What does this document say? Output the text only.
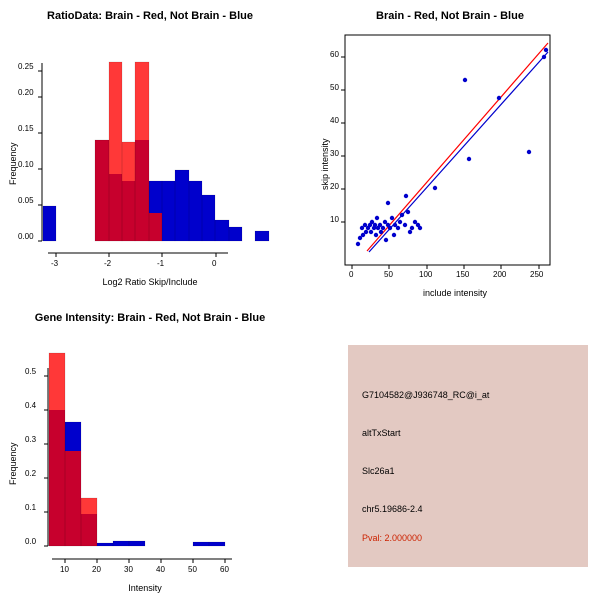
RatioData: Brain - Red, Not Brain - Blue
Frequency
Log2 Ratio Skip/Include
0.00
0.05
0.10
0.15
0.20
0.25
-3	-2	-1	0
Brain - Red, Not Brain - Blue
skip intensity
include intensity
10
20
30
40
50
60
0	50	100	150	200	250
Gene Intensity: Brain - Red, Not Brain - Blue
Frequency
Intensity
0.0
0.1
0.2
0.3
0.4
0.5
10	20	30	40	50	60
G7104582@J936748_RC@i_at
altTxStart
Slc26a1
chr5.19686-2.4
Pval: 2.000000
